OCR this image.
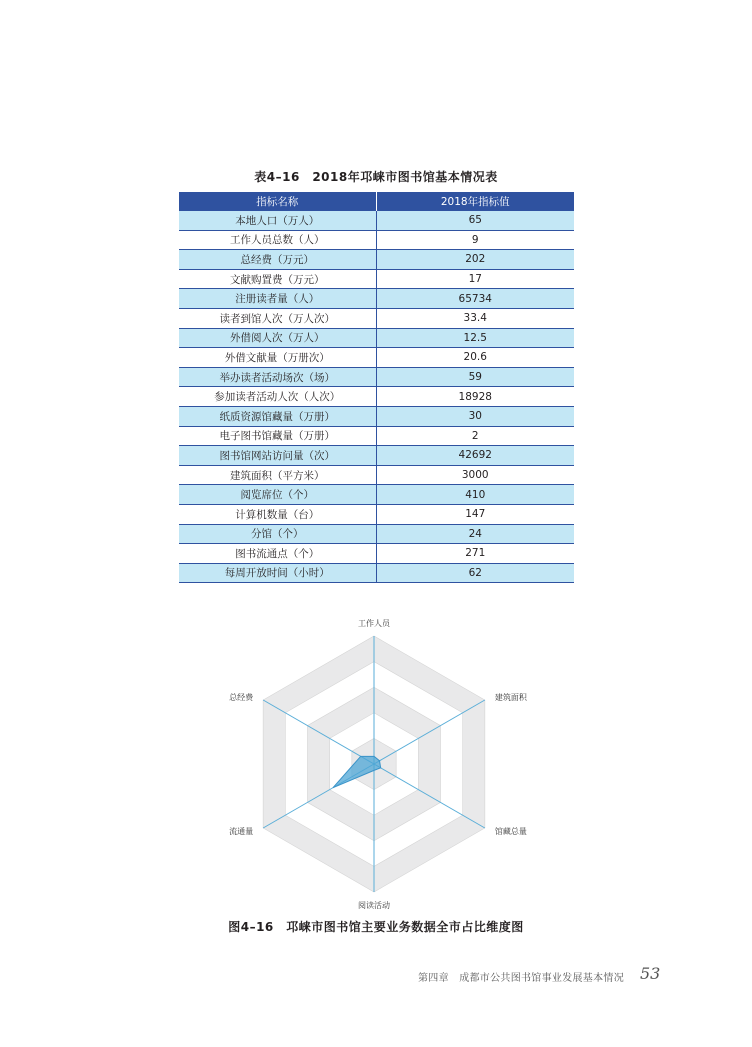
表4–16　2018年邛崃市图书馆基本情况表
指标名称	2018年指标值
本地人口（万人）	65
工作人员总数（人）	9
总经费（万元）	202
文献购置费（万元）	17
注册读者量（人）	65734
读者到馆人次（万人次）	33.4
外借阅人次（万人）	12.5
外借文献量（万册次）	20.6
举办读者活动场次（场）	59
参加读者活动人次（人次）	18928
纸质资源馆藏量（万册）	30
电子图书馆藏量（万册）	2
图书馆网站访问量（次）	42692
建筑面积（平方米）	3000
阅览席位（个）	410
计算机数量（台）	147
分馆（个）	24
图书流通点（个）	271
每周开放时间（小时）	62
工作人员
建筑面积
馆藏总量
阅读活动
流通量
总经费
图4–16　邛崃市图书馆主要业务数据全市占比维度图
第四章　成都市公共图书馆事业发展基本情况 53
